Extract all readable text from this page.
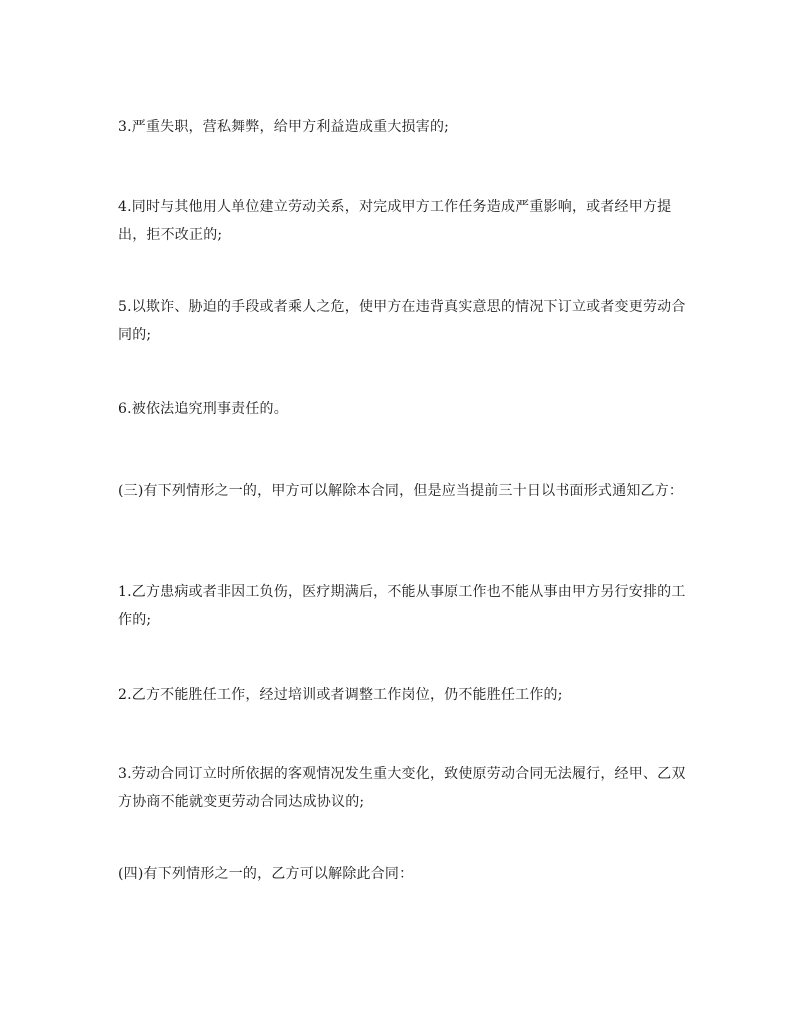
3.严重失职，营私舞弊，给甲方利益造成重大损害的;

4.同时与其他用人单位建立劳动关系，对完成甲方工作任务造成严重影响，或者经甲方提出，拒不改正的;

5.以欺诈、胁迫的手段或者乘人之危，使甲方在违背真实意思的情况下订立或者变更劳动合同的;

6.被依法追究刑事责任的。

(三)有下列情形之一的，甲方可以解除本合同，但是应当提前三十日以书面形式通知乙方：

1.乙方患病或者非因工负伤，医疗期满后，不能从事原工作也不能从事由甲方另行安排的工作的;

2.乙方不能胜任工作，经过培训或者调整工作岗位，仍不能胜任工作的;

3.劳动合同订立时所依据的客观情况发生重大变化，致使原劳动合同无法履行，经甲、乙双方协商不能就变更劳动合同达成协议的;

(四)有下列情形之一的，乙方可以解除此合同：
